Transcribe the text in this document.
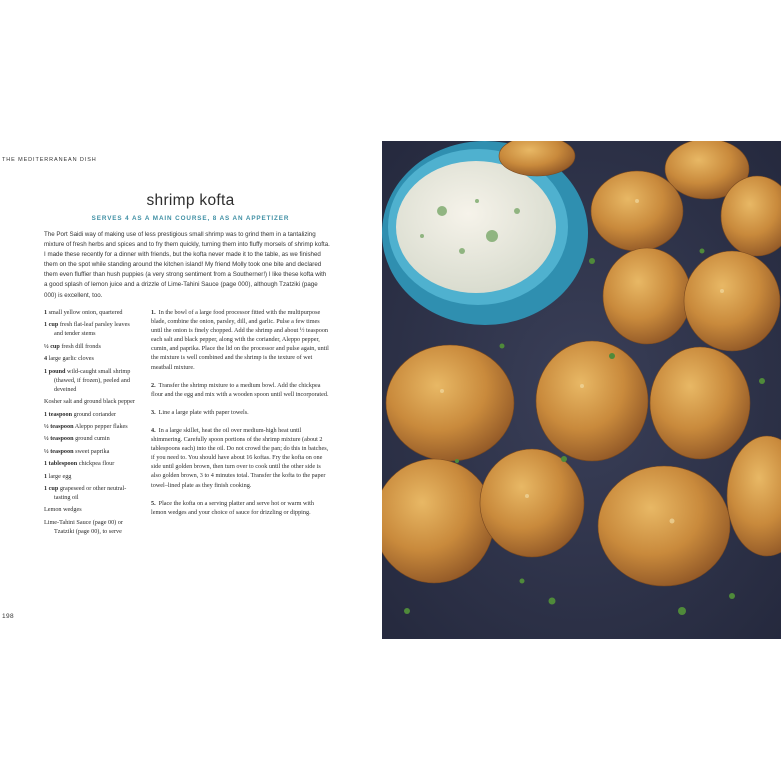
THE MEDITERRANEAN DISH
shrimp kofta
SERVES 4 AS A MAIN COURSE, 8 AS AN APPETIZER

The Port Saidi way of making use of less prestigious small shrimp was to grind them in a tantalizing mixture of fresh herbs and spices and to fry them quickly, turning them into fluffy morsels of shrimp kofta. I made these recently for a dinner with friends, but the kofta never made it to the table, as we finished them on the spot while standing around the kitchen island! My friend Molly took one bite and declared them even fluffier than hush puppies (a very strong sentiment from a Southerner!) I like these kofta with a good splash of lemon juice and a drizzle of Lime-Tahini Sauce (page 000), although Tzatziki (page 000) is excellent, too.

1 small yellow onion, quartered
1 cup fresh flat-leaf parsley leaves and tender stems
½ cup fresh dill fronds
4 large garlic cloves
1 pound wild-caught small shrimp (thawed, if frozen), peeled and deveined
Kosher salt and ground black pepper
1 teaspoon ground coriander
½ teaspoon Aleppo pepper flakes
½ teaspoon ground cumin
½ teaspoon sweet paprika
1 tablespoon chickpea flour
1 large egg
1 cup grapeseed or other neutral-tasting oil
Lemon wedges
Lime-Tahini Sauce (page 00) or Tzatziki (page 00), to serve

1. In the bowl of a large food processor fitted with the multipurpose blade, combine the onion, parsley, dill, and garlic. Pulse a few times until the onion is finely chopped. Add the shrimp and about ½ teaspoon each salt and black pepper, along with the coriander, Aleppo pepper, cumin, and paprika. Place the lid on the processor and pulse again, until the mixture is well combined and the shrimp is the texture of wet meatball mixture.

2. Transfer the shrimp mixture to a medium bowl. Add the chickpea flour and the egg and mix with a wooden spoon until well incorporated.

3. Line a large plate with paper towels.

4. In a large skillet, heat the oil over medium-high heat until shimmering. Carefully spoon portions of the shrimp mixture (about 2 tablespoons each) into the oil. Do not crowd the pan; do this in batches, if you need to. You should have about 16 koftas. Fry the kofta on one side until golden brown, then turn over to cook until the other side is also golden brown, 3 to 4 minutes total. Transfer the kofta to the paper towel–lined plate as they finish cooking.

5. Place the kofta on a serving platter and serve hot or warm with lemon wedges and your choice of sauce for drizzling or dipping.

198
